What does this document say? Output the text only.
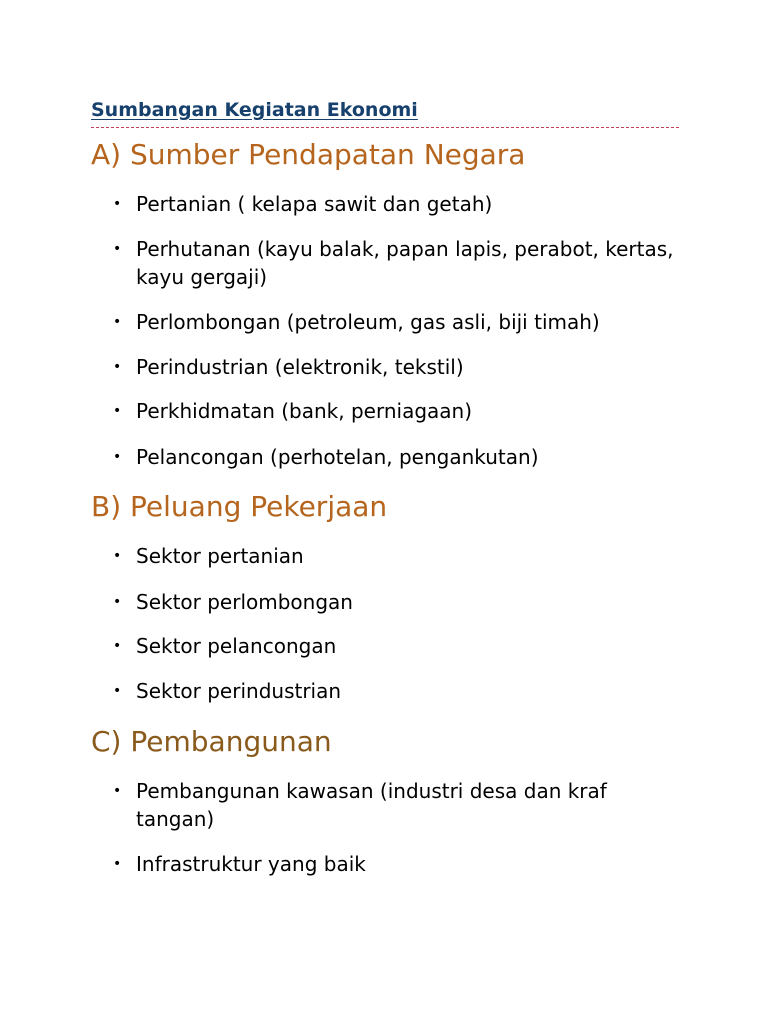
Sumbangan Kegiatan Ekonomi
A) Sumber Pendapatan Negara
• Pertanian ( kelapa sawit dan getah)
• Perhutanan (kayu balak, papan lapis, perabot, kertas, kayu gergaji)
• Perlombongan (petroleum, gas asli, biji timah)
• Perindustrian (elektronik, tekstil)
• Perkhidmatan (bank, perniagaan)
• Pelancongan (perhotelan, pengankutan)
B) Peluang Pekerjaan
• Sektor pertanian
• Sektor perlombongan
• Sektor pelancongan
• Sektor perindustrian
C) Pembangunan
• Pembangunan kawasan (industri desa dan kraf tangan)
• Infrastruktur yang baik
